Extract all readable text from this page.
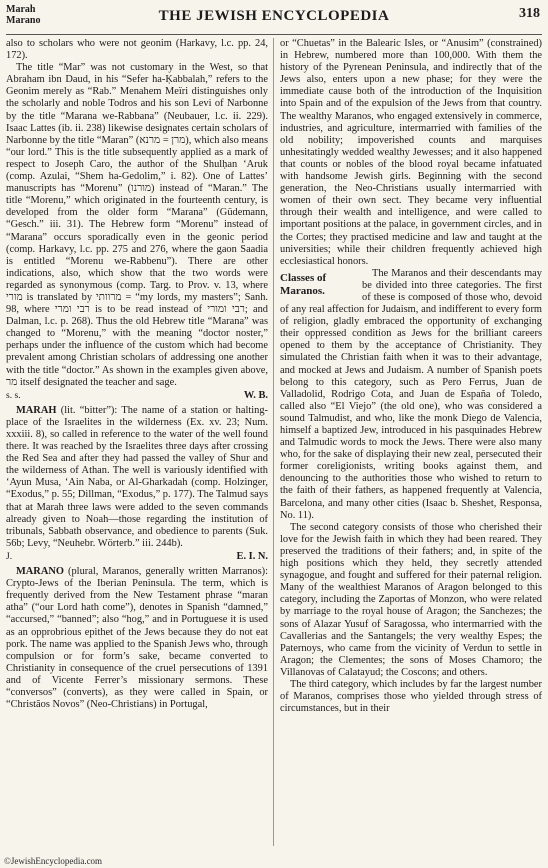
Marah
Marano	THE JEWISH ENCYCLOPEDIA	318

also to scholars who were not geonim (Harkavy, l.c. pp. 24, 172).

The title “Mar” was not customary in the West, so that Abraham ibn Daud, in his “Sefer ha-Ḳabbalah,” refers to the Geonim merely as “Rab.” Menahem Meïri distinguishes only the scholarly and noble Todros and his son Levi of Narbonne by the title “Marana we-Rabbana” (Neubauer, l.c. ii. 229). Isaac Lattes (ib. ii. 238) likewise designates certain scholars of Narbonne by the title “Maran” (מרן = מרנא), which also means “our lord.” This is the title subsequently applied as a mark of respect to Joseph Caro, the author of the Shulḥan ‘Aruk (comp. Azulai, “Shem ha-Gedolim,” i. 82). One of Lattes’ manuscripts has “Morenu” (מורנו) instead of “Maran.” The title “Morenu,” which originated in the fourteenth century, is developed from the older form “Marana” (Güdemann, “Gesch.” iii. 31). The Hebrew form “Morenu” instead of “Marana” occurs sporadically even in the geonic period (comp. Harkavy, l.c. pp. 275 and 276, where the gaon Saadia is entitled “Morenu we-Rabbenu”). There are other indications, also, which show that the two words were regarded as synonymous (comp. Targ. to Prov. v. 13, where מורי is translated by מרוותי = “my lords, my masters”; Sanh. 98, where רבי ומרי is to be read instead of רבי ומורי; and Dalman, l.c. p. 268). Thus the old Hebrew title “Marana” was changed to “Morenu,” with the meaning “doctor noster,” perhaps under the influence of the custom which had become prevalent among Christian scholars of addressing one another with the title “doctor.” As shown in the examples given above, מר itself designated the teacher and sage.

s. s.	W. B.

MARAH (lit. “bitter”): The name of a station or halting-place of the Israelites in the wilderness (Ex. xv. 23; Num. xxxiii. 8), so called in reference to the water of the well found there. It was reached by the Israelites three days after crossing the Red Sea and after they had passed the valley of Shur and the wilderness of Athan. The well is variously identified with ‘Ayun Musa, ‘Ain Naba, or Al-Gharkadah (comp. Holzinger, “Exodus,” p. 55; Dillman, “Exodus,” p. 177). The Talmud says that at Marah three laws were added to the seven commands already given to Noah—those regarding the institution of tribunals, Sabbath observance, and obedience to parents (Suk. 56b; Levy, “Neuhebr. Wörterb.” iii. 244b).

J.	E. I. N.

MARANO (plural, Maranos, generally written Marranos): Crypto-Jews of the Iberian Peninsula. The term, which is frequently derived from the New Testament phrase “maran atha” (“our Lord hath come”), denotes in Spanish “damned,” “accursed,” “banned”; also “hog,” and in Portuguese it is used as an opprobrious epithet of the Jews because they do not eat pork. The name was applied to the Spanish Jews who, through compulsion or for form’s sake, became converted to Christianity in consequence of the cruel persecutions of 1391 and of Vicente Ferrer’s missionary sermons. These “conversos” (converts), as they were called in Spain, or “Christãos Novos” (Neo-Christians) in Portugal,

or “Chuetas” in the Balearic Isles, or “Anusim” (constrained) in Hebrew, numbered more than 100,000. With them the history of the Pyrenean Peninsula, and indirectly that of the Jews also, enters upon a new phase; for they were the immediate cause both of the introduction of the Inquisition into Spain and of the expulsion of the Jews from that country. The wealthy Maranos, who engaged extensively in commerce, industries, and agriculture, intermarried with families of the old nobility; impoverished counts and marquises unhesitatingly wedded wealthy Jewesses; and it also happened that counts or nobles of the blood royal became infatuated with handsome Jewish girls. Beginning with the second generation, the Neo-Christians usually intermarried with women of their own sect. They became very influential through their wealth and intelligence, and were called to important positions at the palace, in government circles, and in the Cortes; they practised medicine and law and taught at the universities; while their children frequently achieved high ecclesiastical honors.

Classes of
Maranos.

The Maranos and their descendants may be divided into three categories. The first of these is composed of those who, devoid of any real affection for Judaism, and indifferent to every form of religion, gladly embraced the opportunity of exchanging their oppressed condition as Jews for the brilliant careers opened to them by the acceptance of Christianity. They simulated the Christian faith when it was to their advantage, and mocked at Jews and Judaism. A number of Spanish poets belong to this category, such as Pero Ferrus, Juan de Valladolid, Rodrigo Cota, and Juan de España of Toledo, called also “El Viejo” (the old one), who was considered a sound Talmudist, and who, like the monk Diego de Valencia, himself a baptized Jew, introduced in his pasquinades Hebrew and Talmudic words to mock the Jews. There were also many who, for the sake of displaying their new zeal, persecuted their former coreligionists, writing books against them, and denouncing to the authorities those who wished to return to the faith of their fathers, as happened frequently at Valencia, Barcelona, and many other cities (Isaac b. Sheshet, Responsa, No. 11).

The second category consists of those who cherished their love for the Jewish faith in which they had been reared. They preserved the traditions of their fathers; and, in spite of the high positions which they held, they secretly attended synagogue, and fought and suffered for their paternal religion. Many of the wealthiest Maranos of Aragon belonged to this category, including the Zaportas of Monzon, who were related by marriage to the royal house of Aragon; the Sanchezes; the sons of Alazar Yusuf of Saragossa, who intermarried with the Cavallerias and the Santangels; the very wealthy Espes; the Paternoys, who came from the vicinity of Verdun to settle in Aragon; the Clementes; the sons of Moses Chamoro; the Villanovas of Calatayud; the Coscons; and others.

The third category, which includes by far the largest number of Maranos, comprises those who yielded through stress of circumstances, but in their

©JewishEncyclopedia.com
